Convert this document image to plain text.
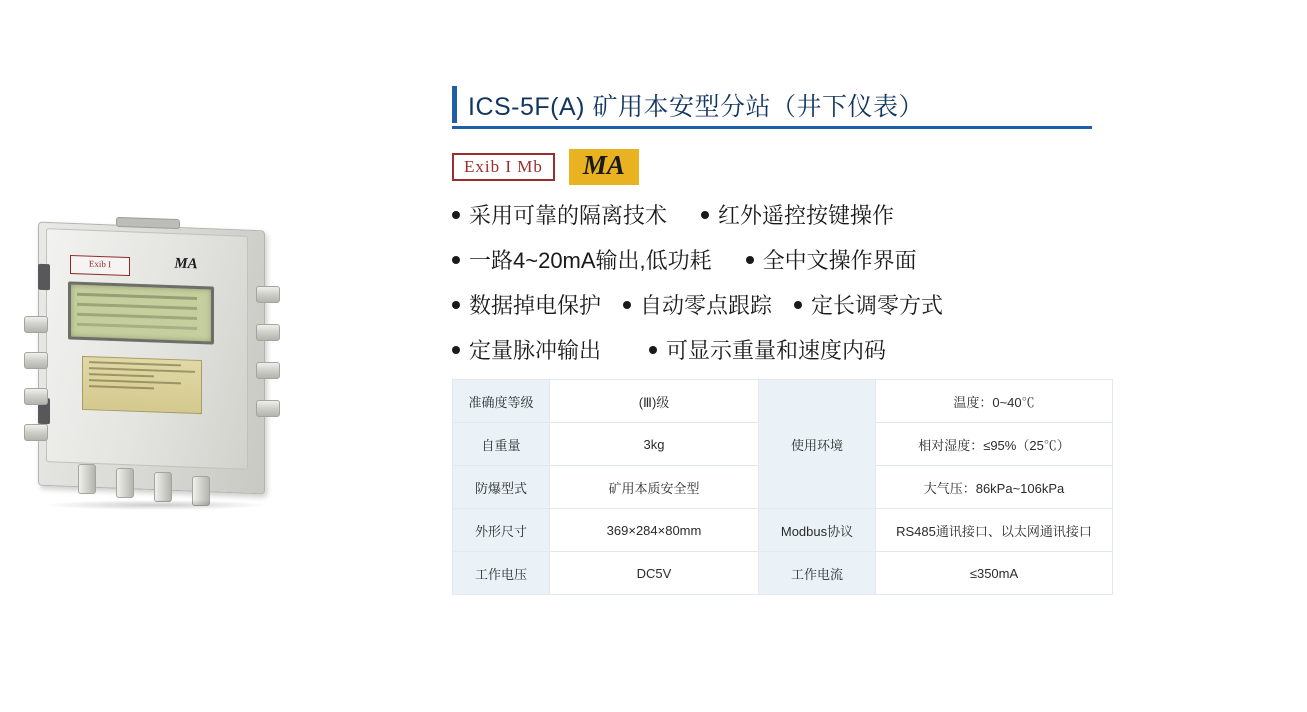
Exib I	MA
ICS-5F(A) 矿用本安型分站（井下仪表）
Exib I Mb	MA
采用可靠的隔离技术 红外遥控按键操作
一路4~20mA输出,低功耗 全中文操作界面
数据掉电保护 自动零点跟踪 定长调零方式
定量脉冲输出	可显示重量和速度内码
准确度等级	(Ⅲ)级	使用环境	温度：0~40℃
自重量	3kg		相对湿度：≤95%（25℃）
防爆型式	矿用本质安全型		大气压：86kPa~106kPa
外形尺寸	369×284×80mm	Modbus协议	RS485通讯接口、以太网通讯接口
工作电压	DC5V	工作电流	≤350mA
